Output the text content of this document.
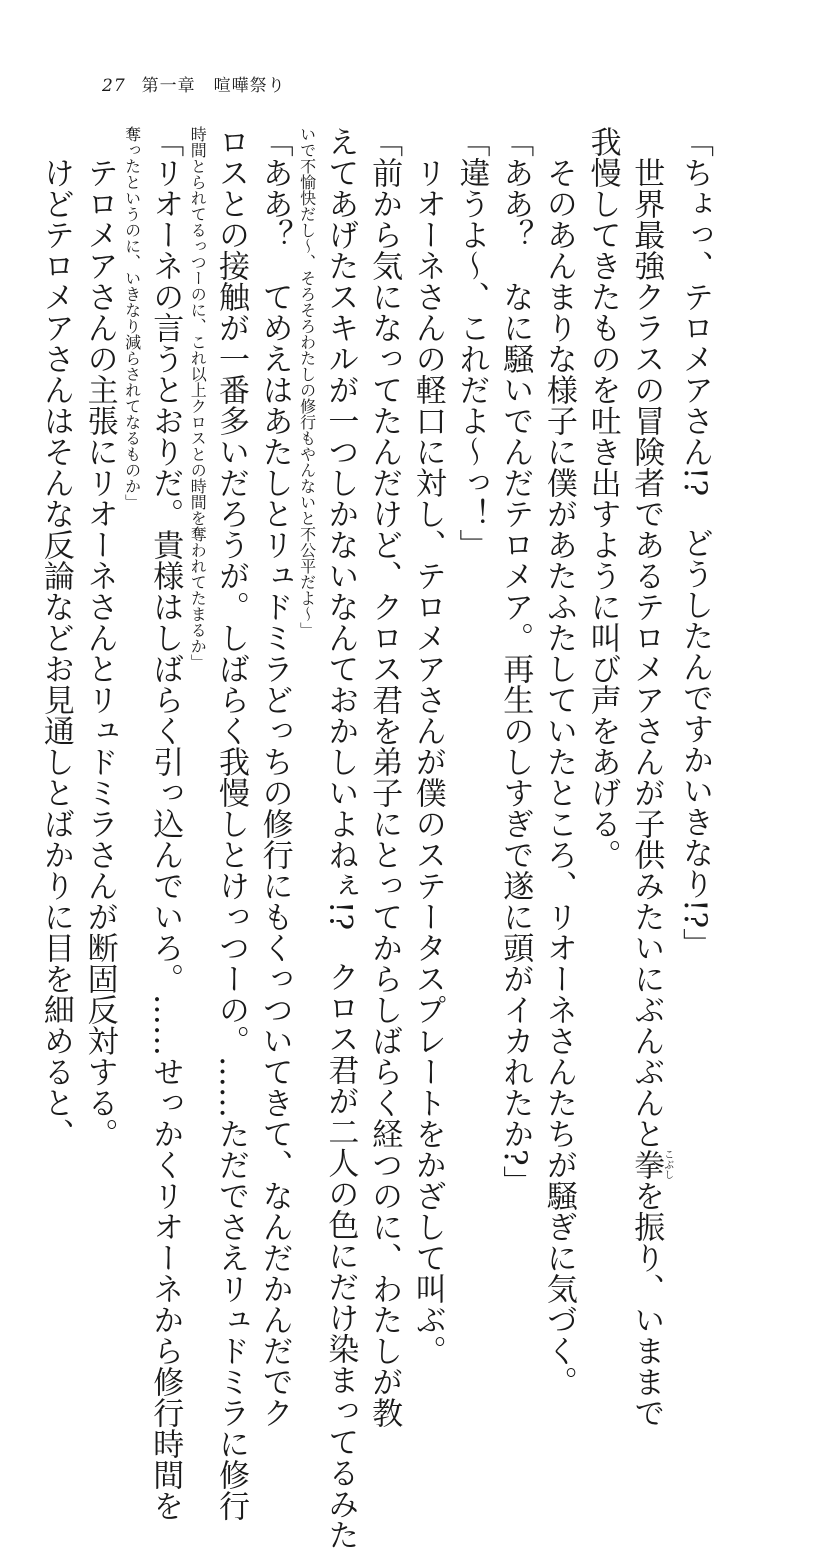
27 第一章 喧嘩祭り
「ちょっ、テロメアさん!?　どうしたんですかいきなり!?」
　世界最強クラスの冒険者であるテロメアさんが子供みたいにぶんぶんと拳こぶしを振り、いままで
我慢してきたものを吐き出すように叫び声をあげる。
　そのあんまりな様子に僕があたふたしていたところ、リオーネさんたちが騒ぎに気づく。
「ああ？　なに騒いでんだテロメア。再生のしすぎで遂に頭がイカれたか?」
「違うよ〜、これだよ〜っ！」
　リオーネさんの軽口に対し、テロメアさんが僕のステータスプレートをかざして叫ぶ。
「前から気になってたんだけど、クロス君を弟子にとってからしばらく経つのに、わたしが教
えてあげたスキルが一つしかないなんておかしいよねぇ!?　クロス君が二人の色にだけ染まってるみた
いで不愉快だし〜、そろそろわたしの修行もやんないと不公平だよ〜」
「ああ？　てめえはあたしとリュドミラどっちの修行にもくっついてきて、なんだかんだでク
ロスとの接触が一番多いだろうが。しばらく我慢しとけっつーの。……ただでさえリュドミラに修行
時間とられてるっつーのに、これ以上クロスとの時間を奪われてたまるか」
「リオーネの言うとおりだ。貴様はしばらく引っ込んでいろ。……せっかくリオーネから修行時間を
奪ったというのに、いきなり減らされてなるものか」
　テロメアさんの主張にリオーネさんとリュドミラさんが断固反対する。
　けどテロメアさんはそんな反論などお見通しとばかりに目を細めると、
